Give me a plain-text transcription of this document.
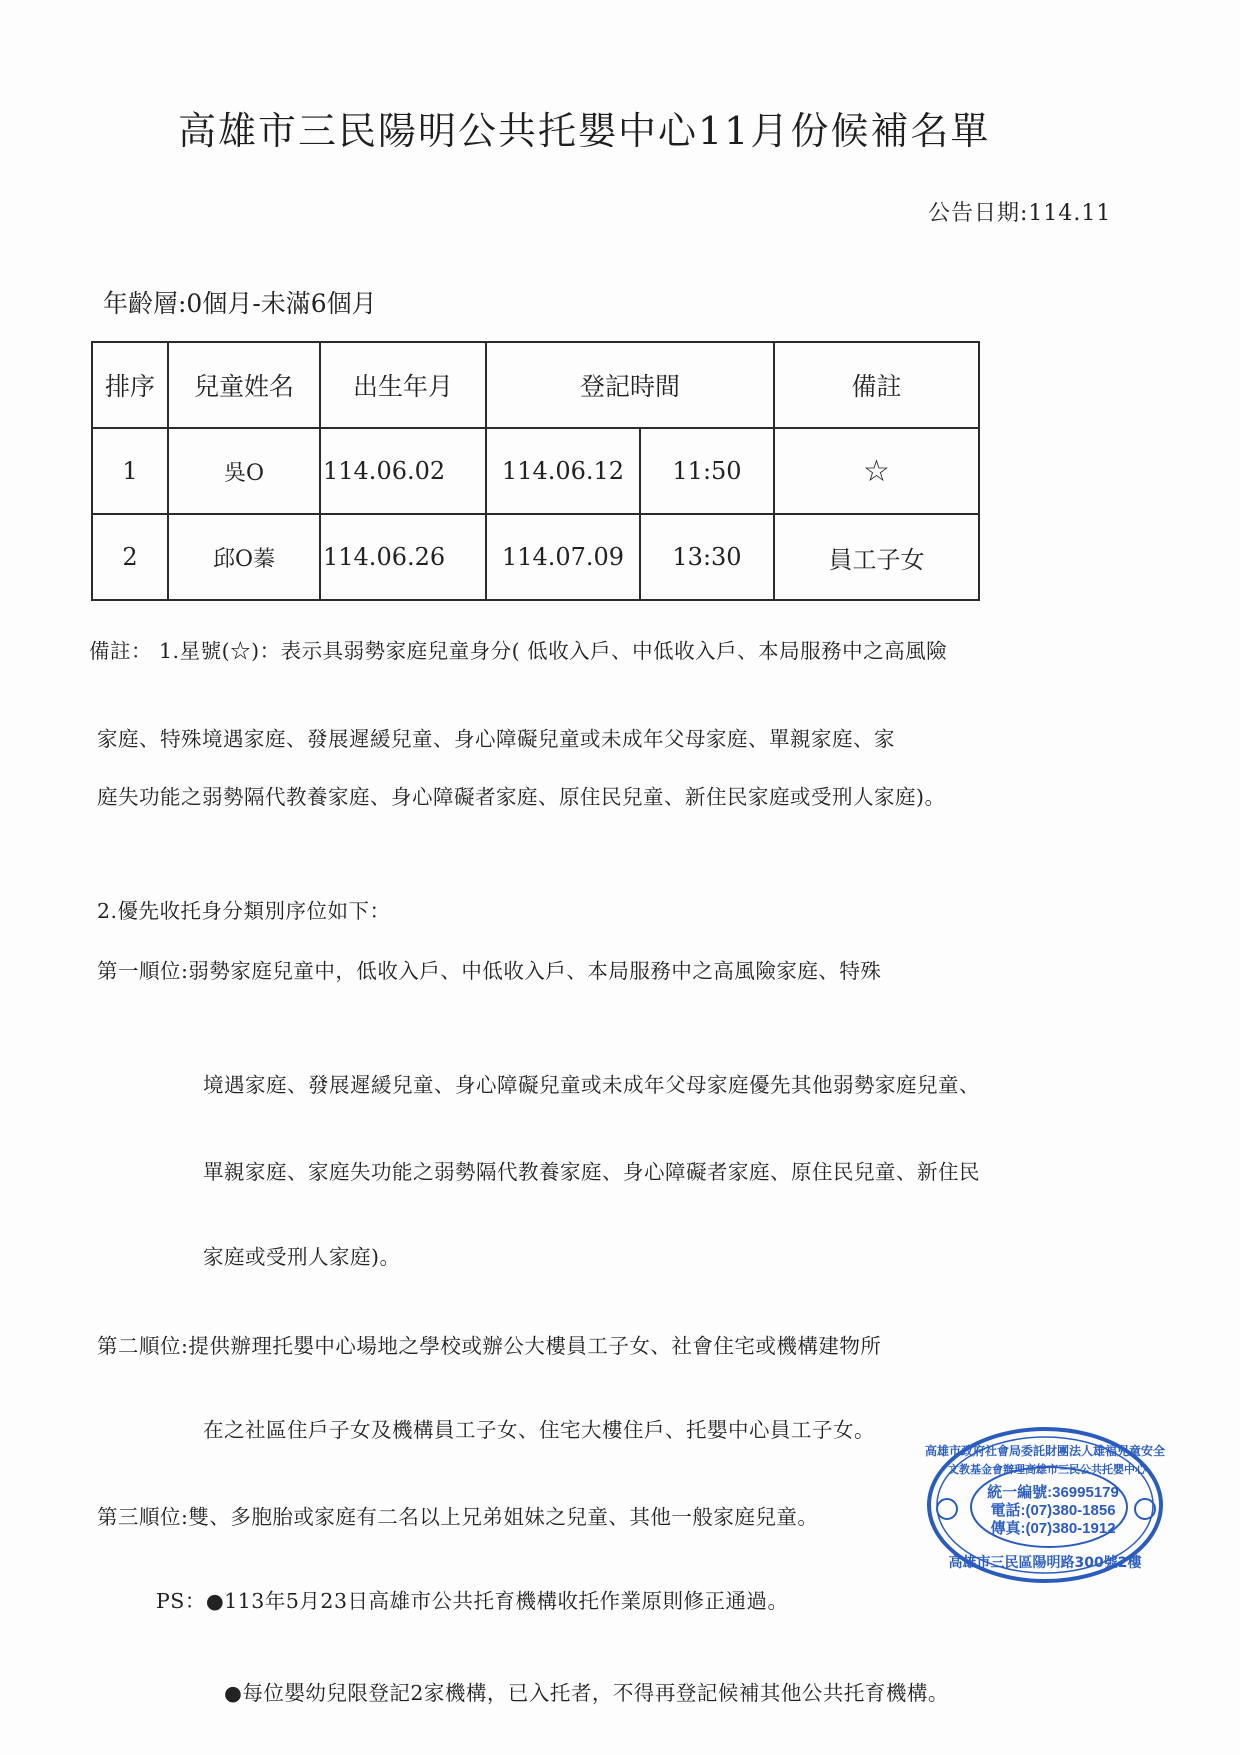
高雄市三民陽明公共托嬰中心11月份候補名單
公告日期:114.11
年齡層:0個月-未滿6個月
排序	兒童姓名	出生年月	登記時間		備註
1	吳O	114.06.02	114.06.12	11:50	☆
2	邱O蓁	114.06.26	114.07.09	13:30	員工子女
備註： 1.星號(☆)：表示具弱勢家庭兒童身分( 低收入戶、中低收入戶、本局服務中之高風險
家庭、特殊境遇家庭、發展遲緩兒童、身心障礙兒童或未成年父母家庭、單親家庭、家
庭失功能之弱勢隔代教養家庭、身心障礙者家庭、原住民兒童、新住民家庭或受刑人家庭)。
2.優先收托身分類別序位如下：
第一順位:弱勢家庭兒童中，低收入戶、中低收入戶、本局服務中之高風險家庭、特殊
境遇家庭、發展遲緩兒童、身心障礙兒童或未成年父母家庭優先其他弱勢家庭兒童、
單親家庭、家庭失功能之弱勢隔代教養家庭、身心障礙者家庭、原住民兒童、新住民
家庭或受刑人家庭)。
第二順位:提供辦理托嬰中心場地之學校或辦公大樓員工子女、社會住宅或機構建物所
在之社區住戶子女及機構員工子女、住宅大樓住戶、托嬰中心員工子女。
第三順位:雙、多胞胎或家庭有二名以上兄弟姐妹之兒童、其他一般家庭兒童。
PS：●113年5月23日高雄市公共托育機構收托作業原則修正通過。
●每位嬰幼兒限登記2家機構，已入托者，不得再登記候補其他公共托育機構。
高雄市政府社會局委託財團法人雄福兒童安全
文教基金會辦理高雄市三民公共托嬰中心
統一編號:36995179
電話:(07)380-1856
傳真:(07)380-1912
高雄市三民區陽明路300號2樓
